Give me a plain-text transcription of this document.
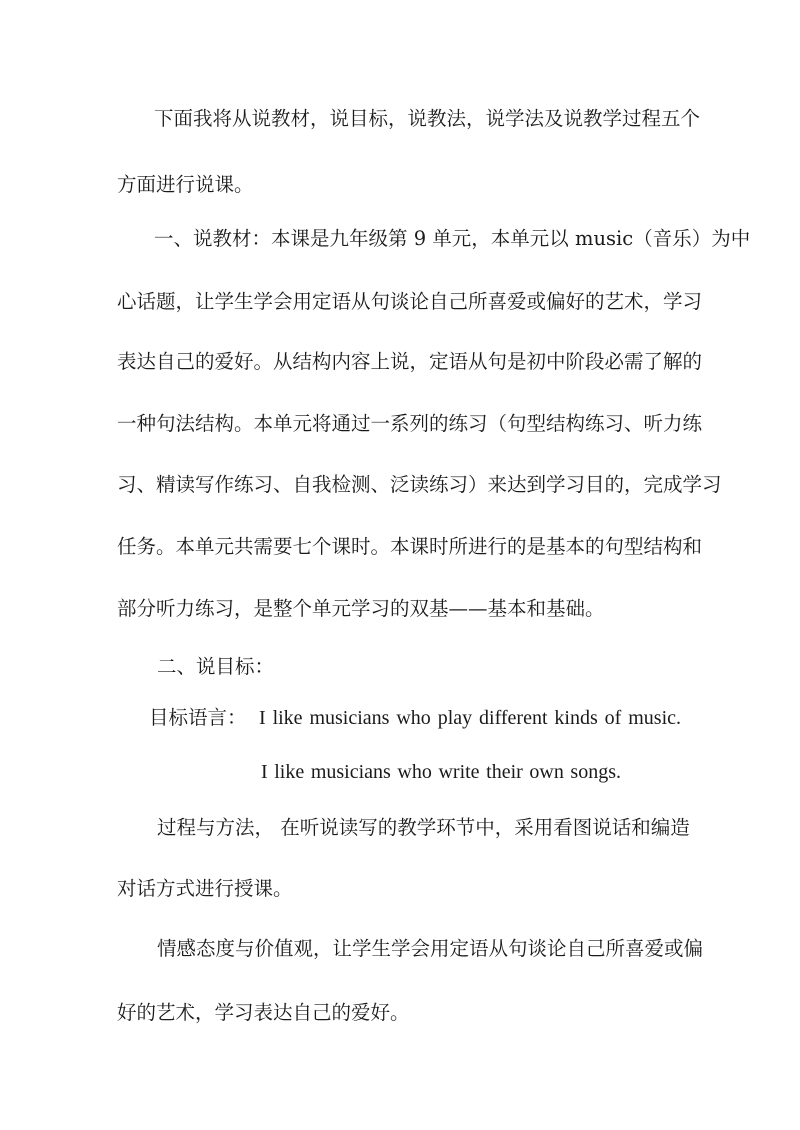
下面我将从说教材，说目标，说教法，说学法及说教学过程五个
方面进行说课。
一、说教材：本课是九年级第 9 单元，本单元以 music（音乐）为中
心话题，让学生学会用定语从句谈论自己所喜爱或偏好的艺术，学习
表达自己的爱好。从结构内容上说，定语从句是初中阶段必需了解的
一种句法结构。本单元将通过一系列的练习（句型结构练习、听力练
习、精读写作练习、自我检测、泛读练习）来达到学习目的，完成学习
任务。本单元共需要七个课时。本课时所进行的是基本的句型结构和
部分听力练习，是整个单元学习的双基——基本和基础。
二、说目标：
目标语言： I like musicians who play different kinds of music.
I like musicians who write their own songs.
过程与方法， 在听说读写的教学环节中，采用看图说话和编造
对话方式进行授课。
情感态度与价值观，让学生学会用定语从句谈论自己所喜爱或偏
好的艺术，学习表达自己的爱好。
